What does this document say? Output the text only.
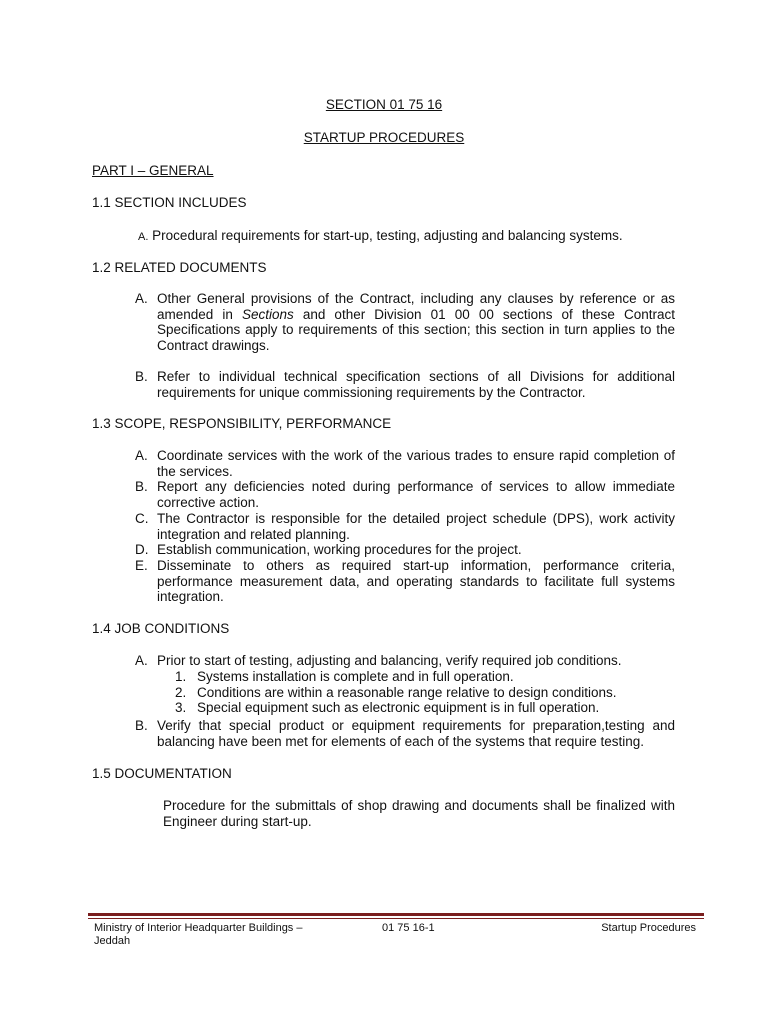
SECTION 01 75 16
STARTUP PROCEDURES
PART I – GENERAL
1.1 SECTION INCLUDES
A. Procedural requirements for start-up, testing, adjusting and balancing systems.
1.2 RELATED DOCUMENTS
A. Other General provisions of the Contract, including any clauses by reference or as amended in Sections and other Division 01 00 00 sections of these Contract Specifications apply to requirements of this section; this section in turn applies to the Contract drawings.
B. Refer to individual technical specification sections of all Divisions for additional requirements for unique commissioning requirements by the Contractor.
1.3 SCOPE, RESPONSIBILITY, PERFORMANCE
A. Coordinate services with the work of the various trades to ensure rapid completion of the services.
B. Report any deficiencies noted during performance of services to allow immediate corrective action.
C. The Contractor is responsible for the detailed project schedule (DPS), work activity integration and related planning.
D. Establish communication, working procedures for the project.
E. Disseminate to others as required start-up information, performance criteria, performance measurement data, and operating standards to facilitate full systems integration.
1.4 JOB CONDITIONS
A. Prior to start of testing, adjusting and balancing, verify required job conditions.
1. Systems installation is complete and in full operation.
2. Conditions are within a reasonable range relative to design conditions.
3. Special equipment such as electronic equipment is in full operation.
B. Verify that special product or equipment requirements for preparation,testing and balancing have been met for elements of each of the systems that require testing.
1.5 DOCUMENTATION
Procedure for the submittals of shop drawing and documents shall be finalized with Engineer during start-up.
Ministry of Interior Headquarter Buildings – Jeddah
01 75 16-1	Startup Procedures
